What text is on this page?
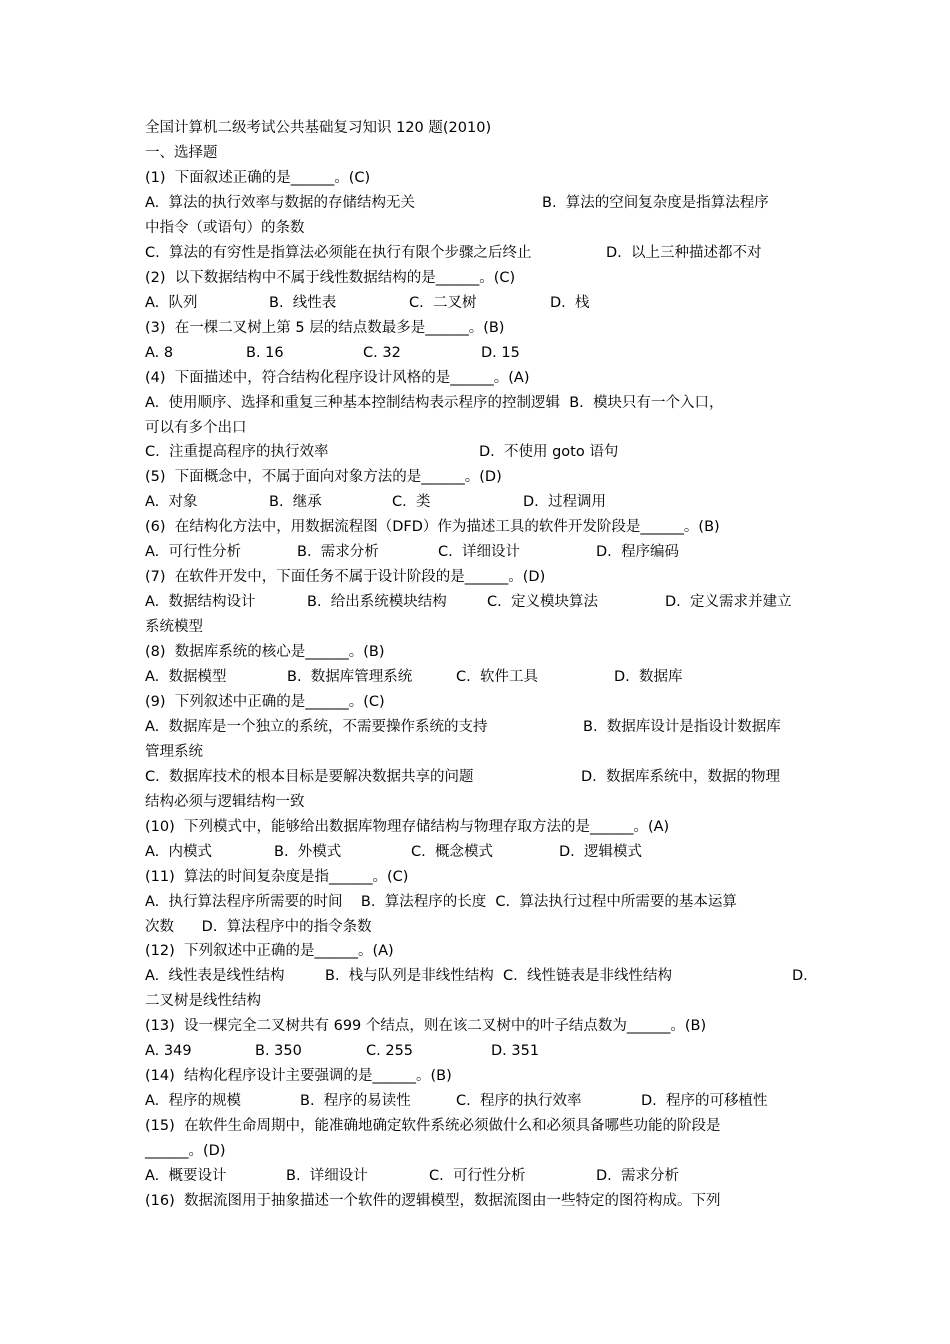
全国计算机二级考试公共基础复习知识 120 题(2010)

一、选择题

(1)  下面叙述正确的是______。(C)

A.  算法的执行效率与数据的存储结构无关	B.  算法的空间复杂度是指算法程序

中指令（或语句）的条数

C.  算法的有穷性是指算法必须能在执行有限个步骤之后终止	D.  以上三种描述都不对

(2)  以下数据结构中不属于线性数据结构的是______。(C)

A.  队列	B.  线性表	C.  二叉树	D.  栈

(3)  在一棵二叉树上第 5 层的结点数最多是______。(B)

A. 8	B. 16	C. 32	D. 15

(4)  下面描述中，符合结构化程序设计风格的是______。(A)

A.  使用顺序、选择和重复三种基本控制结构表示程序的控制逻辑  B.  模块只有一个入口，

可以有多个出口

C.  注重提高程序的执行效率	D.  不使用 goto 语句

(5)  下面概念中，不属于面向对象方法的是______。(D)

A.  对象	B.  继承	C.  类	D.  过程调用

(6)  在结构化方法中，用数据流程图（DFD）作为描述工具的软件开发阶段是______。(B)

A.  可行性分析	B.  需求分析	C.  详细设计	D.  程序编码

(7)  在软件开发中，下面任务不属于设计阶段的是______。(D)

A.  数据结构设计	B.  给出系统模块结构	C.  定义模块算法	D.  定义需求并建立

系统模型

(8)  数据库系统的核心是______。(B)

A.  数据模型	B.  数据库管理系统	C.  软件工具	D.  数据库

(9)  下列叙述中正确的是______。(C)

A.  数据库是一个独立的系统，不需要操作系统的支持	B.  数据库设计是指设计数据库

管理系统

C.  数据库技术的根本目标是要解决数据共享的问题	D.  数据库系统中，数据的物理

结构必须与逻辑结构一致

(10)  下列模式中，能够给出数据库物理存储结构与物理存取方法的是______。(A)

A.  内模式	B.  外模式	C.  概念模式	D.  逻辑模式

(11)  算法的时间复杂度是指______。(C)

A.  执行算法程序所需要的时间    B.  算法程序的长度  C.  算法执行过程中所需要的基本运算

次数      D.  算法程序中的指令条数

(12)  下列叙述中正确的是______。(A)

A.  线性表是线性结构	B.  栈与队列是非线性结构  C.  线性链表是非线性结构	D.

二叉树是线性结构

(13)  设一棵完全二叉树共有 699 个结点，则在该二叉树中的叶子结点数为______。(B)

A. 349	B. 350	C. 255	D. 351

(14)  结构化程序设计主要强调的是______。(B)

A.  程序的规模	B.  程序的易读性	C.  程序的执行效率	D.  程序的可移植性

(15)  在软件生命周期中，能准确地确定软件系统必须做什么和必须具备哪些功能的阶段是

______。(D)

A.  概要设计	B.  详细设计	C.  可行性分析	D.  需求分析

(16)  数据流图用于抽象描述一个软件的逻辑模型，数据流图由一些特定的图符构成。下列
